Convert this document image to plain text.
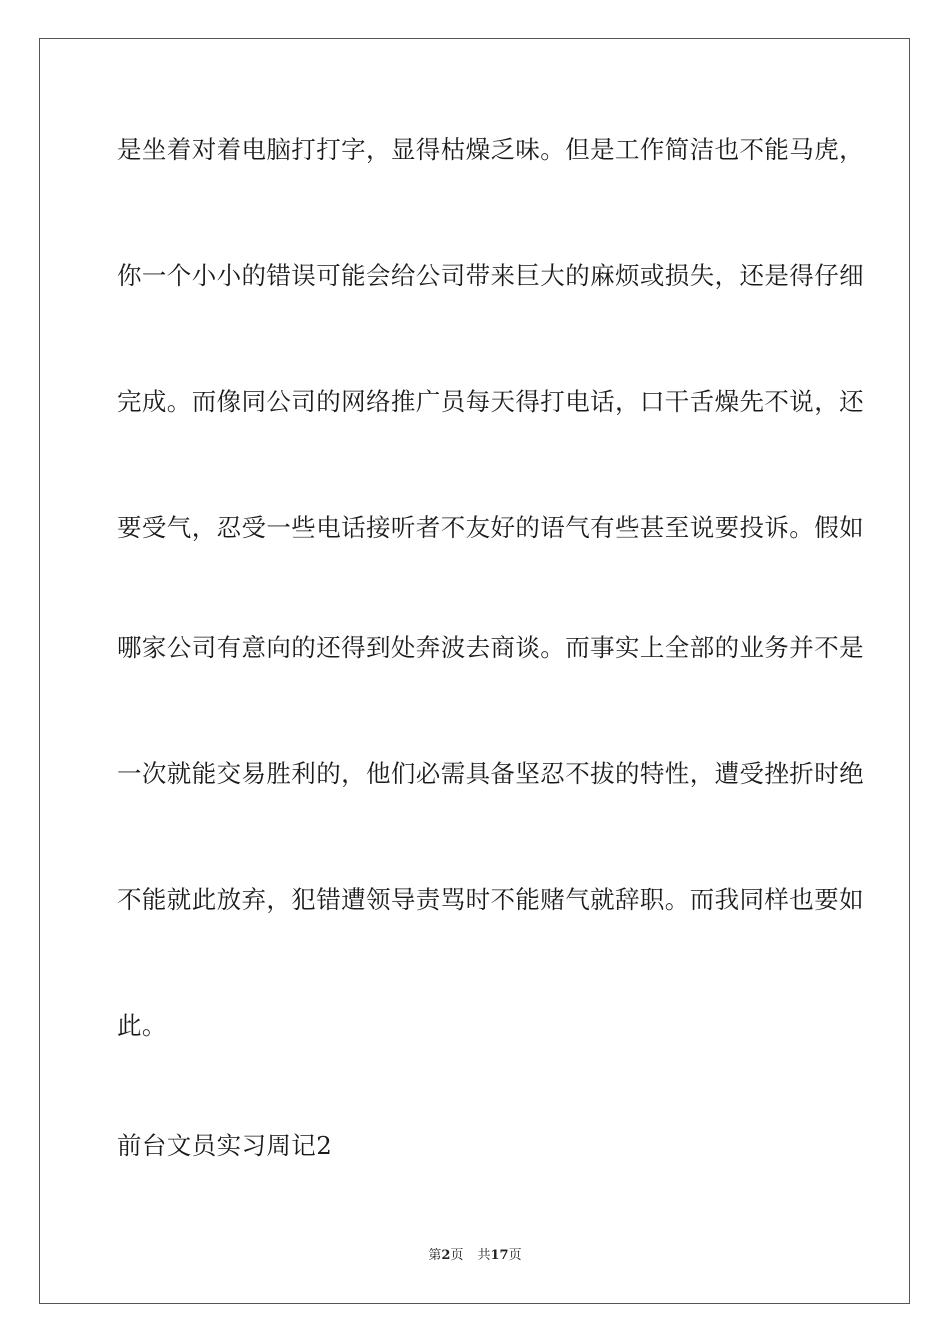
是坐着对着电脑打打字，显得枯燥乏味。但是工作简洁也不能马虎，
你一个小小的错误可能会给公司带来巨大的麻烦或损失，还是得仔细
完成。而像同公司的网络推广员每天得打电话，口干舌燥先不说，还
要受气，忍受一些电话接听者不友好的语气有些甚至说要投诉。假如
哪家公司有意向的还得到处奔波去商谈。而事实上全部的业务并不是
一次就能交易胜利的，他们必需具备坚忍不拔的特性，遭受挫折时绝
不能就此放弃，犯错遭领导责骂时不能赌气就辞职。而我同样也要如
此。
前台文员实习周记2
第2页 共17页
